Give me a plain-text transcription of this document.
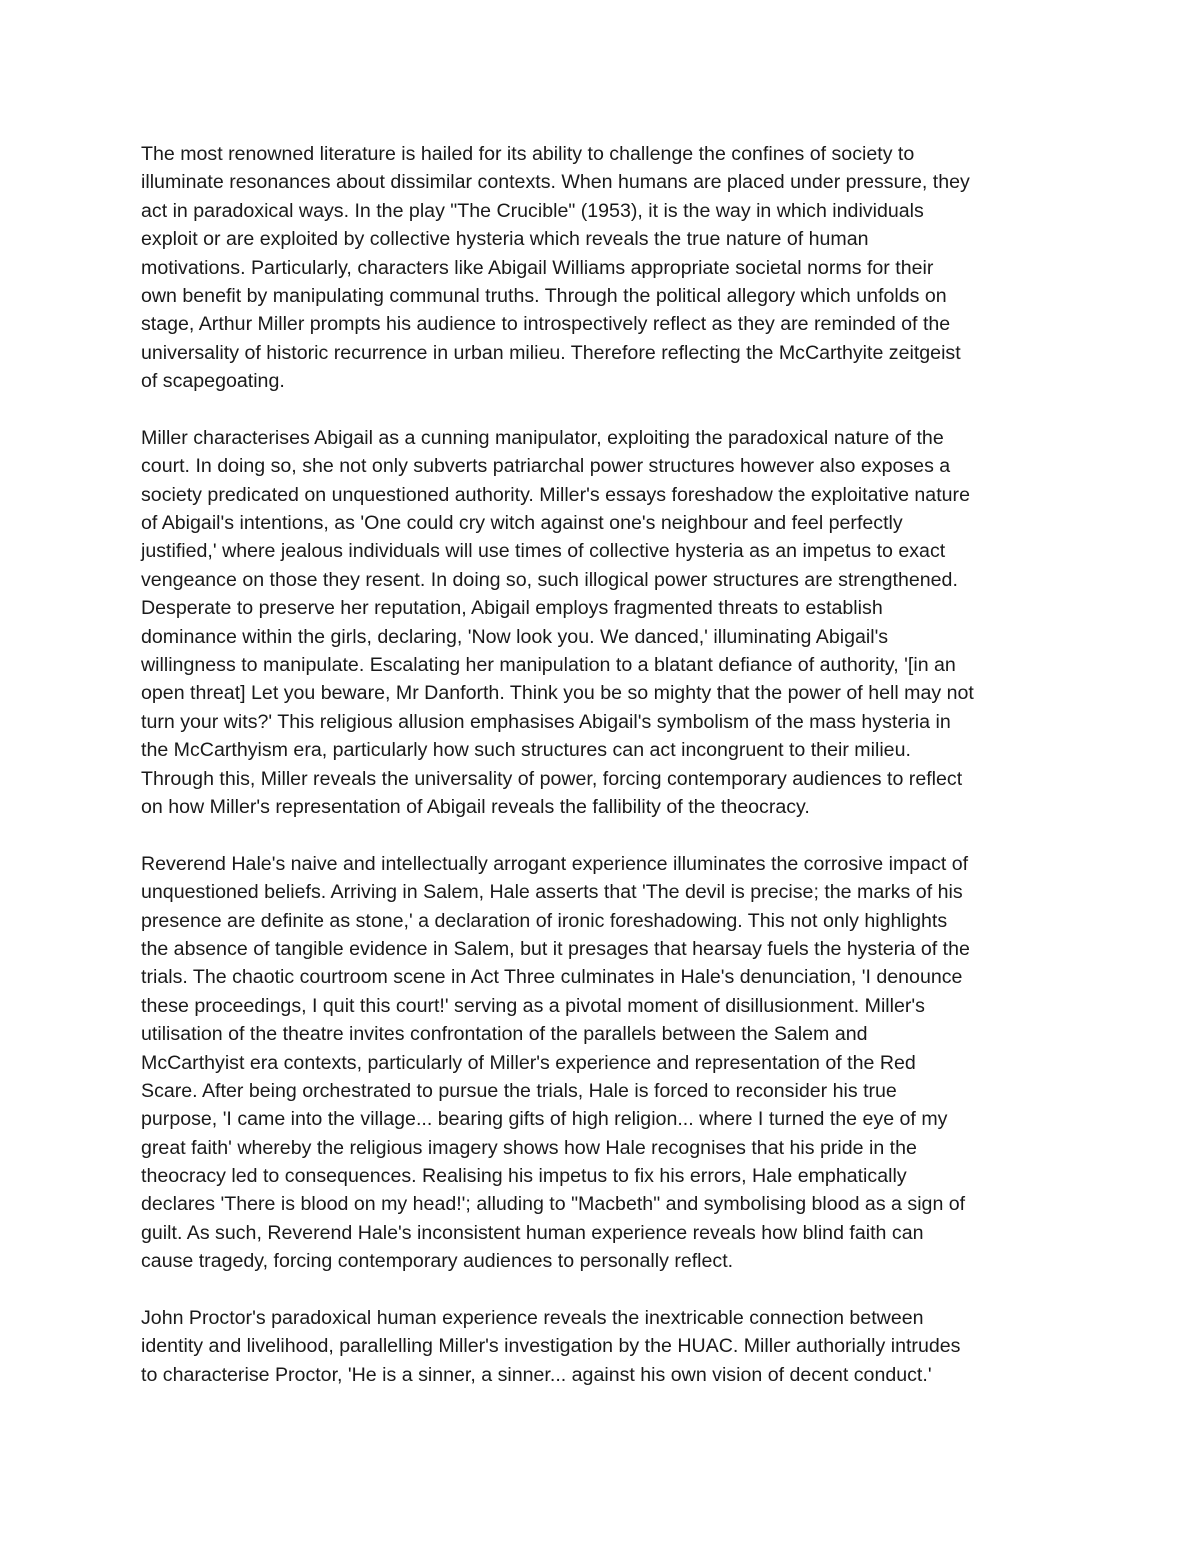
The most renowned literature is hailed for its ability to challenge the confines of society to
illuminate resonances about dissimilar contexts. When humans are placed under pressure, they
act in paradoxical ways. In the play "The Crucible" (1953), it is the way in which individuals
exploit or are exploited by collective hysteria which reveals the true nature of human
motivations. Particularly, characters like Abigail Williams appropriate societal norms for their
own benefit by manipulating communal truths. Through the political allegory which unfolds on
stage, Arthur Miller prompts his audience to introspectively reflect as they are reminded of the
universality of historic recurrence in urban milieu. Therefore reflecting the McCarthyite zeitgeist
of scapegoating.
Miller characterises Abigail as a cunning manipulator, exploiting the paradoxical nature of the
court. In doing so, she not only subverts patriarchal power structures however also exposes a
society predicated on unquestioned authority. Miller's essays foreshadow the exploitative nature
of Abigail's intentions, as 'One could cry witch against one's neighbour and feel perfectly
justified,' where jealous individuals will use times of collective hysteria as an impetus to exact
vengeance on those they resent. In doing so, such illogical power structures are strengthened.
Desperate to preserve her reputation, Abigail employs fragmented threats to establish
dominance within the girls, declaring, 'Now look you. We danced,' illuminating Abigail's
willingness to manipulate. Escalating her manipulation to a blatant defiance of authority, '[in an
open threat] Let you beware, Mr Danforth. Think you be so mighty that the power of hell may not
turn your wits?' This religious allusion emphasises Abigail's symbolism of the mass hysteria in
the McCarthyism era, particularly how such structures can act incongruent to their milieu.
Through this, Miller reveals the universality of power, forcing contemporary audiences to reflect
on how Miller's representation of Abigail reveals the fallibility of the theocracy.
Reverend Hale's naive and intellectually arrogant experience illuminates the corrosive impact of
unquestioned beliefs. Arriving in Salem, Hale asserts that 'The devil is precise; the marks of his
presence are definite as stone,' a declaration of ironic foreshadowing. This not only highlights
the absence of tangible evidence in Salem, but it presages that hearsay fuels the hysteria of the
trials. The chaotic courtroom scene in Act Three culminates in Hale's denunciation, 'I denounce
these proceedings, I quit this court!' serving as a pivotal moment of disillusionment. Miller's
utilisation of the theatre invites confrontation of the parallels between the Salem and
McCarthyist era contexts, particularly of Miller's experience and representation of the Red
Scare. After being orchestrated to pursue the trials, Hale is forced to reconsider his true
purpose, 'I came into the village... bearing gifts of high religion... where I turned the eye of my
great faith' whereby the religious imagery shows how Hale recognises that his pride in the
theocracy led to consequences. Realising his impetus to fix his errors, Hale emphatically
declares 'There is blood on my head!'; alluding to "Macbeth" and symbolising blood as a sign of
guilt. As such, Reverend Hale's inconsistent human experience reveals how blind faith can
cause tragedy, forcing contemporary audiences to personally reflect.
John Proctor's paradoxical human experience reveals the inextricable connection between
identity and livelihood, parallelling Miller's investigation by the HUAC. Miller authorially intrudes
to characterise Proctor, 'He is a sinner, a sinner... against his own vision of decent conduct.'
